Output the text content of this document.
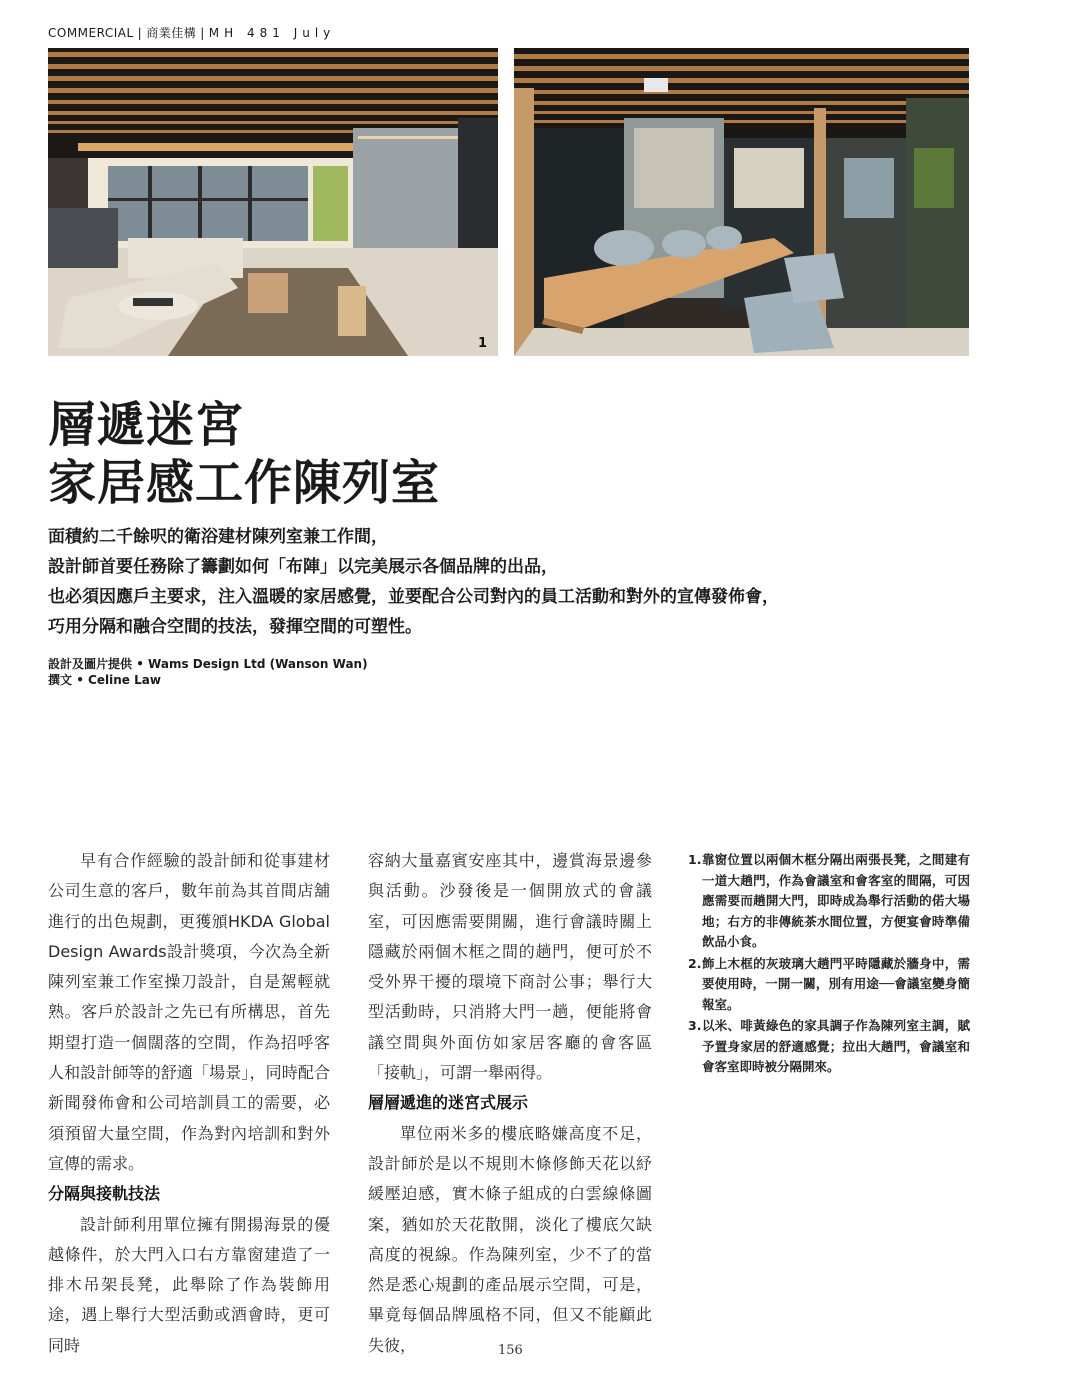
COMMERCIAL | 商業佳構 | MH 481 July
1
層遞迷宮
家居感工作陳列室
面積約二千餘呎的衛浴建材陳列室兼工作間，
設計師首要任務除了籌劃如何「布陣」以完美展示各個品牌的出品，
也必須因應戶主要求，注入溫暖的家居感覺，並要配合公司對內的員工活動和對外的宣傳發佈會，
巧用分隔和融合空間的技法，發揮空間的可塑性。
設計及圖片提供 • Wams Design Ltd (Wanson Wan)
撰文 • Celine Law

早有合作經驗的設計師和從事建材公司生意的客戶，數年前為其首間店舖進行的出色規劃，更獲頒HKDA Global Design Awards設計獎項，今次為全新陳列室兼工作室操刀設計，自是駕輕就熟。客戶於設計之先已有所構思，首先期望打造一個闊落的空間，作為招呼客人和設計師等的舒適「場景」，同時配合新聞發佈會和公司培訓員工的需要，必須預留大量空間，作為對內培訓和對外宣傳的需求。

分隔與接軌技法

設計師利用單位擁有開揚海景的優越條件，於大門入口右方靠窗建造了一排木吊架長凳，此舉除了作為裝飾用途，遇上舉行大型活動或酒會時，更可同時

容納大量嘉賓安座其中，邊賞海景邊參與活動。沙發後是一個開放式的會議室，可因應需要開關，進行會議時關上隱藏於兩個木框之間的趟門，便可於不受外界干擾的環境下商討公事；舉行大型活動時，只消將大門一趟，便能將會議空間與外面仿如家居客廳的會客區「接軌」，可謂一舉兩得。

層層遞進的迷宮式展示

單位兩米多的樓底略嫌高度不足，設計師於是以不規則木條修飾天花以紓緩壓迫感，實木條子組成的白雲線條圖案，猶如於天花散開，淡化了樓底欠缺高度的視線。作為陳列室，少不了的當然是悉心規劃的產品展示空間，可是，畢竟每個品牌風格不同，但又不能顧此失彼，

1. 靠窗位置以兩個木框分隔出兩張長凳，之間建有一道大趟門，作為會議室和會客室的間隔，可因應需要而趟開大門，即時成為舉行活動的偌大場地；右方的非傳統茶水間位置，方便宴會時準備飲品小食。
2. 飾上木框的灰玻璃大趟門平時隱藏於牆身中，需要使用時，一開一關，別有用途──會議室變身簡報室。
3. 以米、啡黃綠色的家具調子作為陳列室主調，賦予置身家居的舒適感覺；拉出大趟門，會議室和會客室即時被分隔開來。
156
